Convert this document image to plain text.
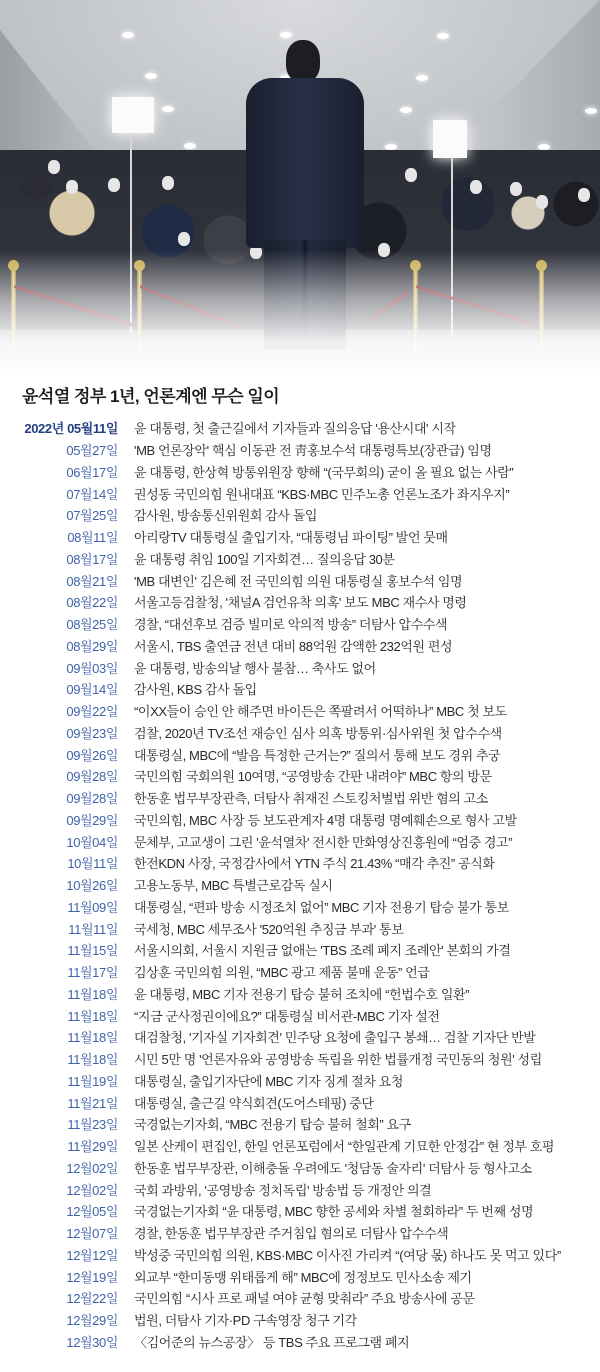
윤석열 정부 1년, 언론계엔 무슨 일이
2022년 05월11일 윤 대통령, 첫 출근길에서 기자들과 질의응답 '용산시대' 시작
05월27일 'MB 언론장악' 핵심 이동관 전 靑홍보수석 대통령특보(장관급) 임명
06월17일 윤 대통령, 한상혁 방통위원장 향해 “(국무회의) 굳이 올 필요 없는 사람”
07월14일 권성동 국민의힘 원내대표 “KBS·MBC 민주노총 언론노조가 좌지우지”
07월25일 감사원, 방송통신위원회 감사 돌입
08월11일 아리랑TV 대통령실 출입기자, “대통령님 파이팅” 발언 뭇매
08월17일 윤 대통령 취임 100일 기자회견… 질의응답 30분
08월21일 'MB 대변인' 김은혜 전 국민의힘 의원 대통령실 홍보수석 임명
08월22일 서울고등검찰청, '채널A 검언유착 의혹' 보도 MBC 재수사 명령
08월25일 경찰, “대선후보 검증 빌미로 악의적 방송” 더탐사 압수수색
08월29일 서울시, TBS 출연금 전년 대비 88억원 감액한 232억원 편성
09월03일 윤 대통령, 방송의날 행사 불참… 축사도 없어
09월14일 감사원, KBS 감사 돌입
09월22일 “이XX들이 승인 안 해주면 바이든은 쪽팔려서 어떡하나” MBC 첫 보도
09월23일 검찰, 2020년 TV조선 재승인 심사 의혹 방통위·심사위원 첫 압수수색
09월26일 대통령실, MBC에 “발음 특정한 근거는?” 질의서 통해 보도 경위 추궁
09월28일 국민의힘 국회의원 10여명, “공영방송 간판 내려야” MBC 항의 방문
09월28일 한동훈 법무부장관측, 더탐사 취재진 스토킹처벌법 위반 혐의 고소
09월29일 국민의힘, MBC 사장 등 보도관계자 4명 대통령 명예훼손으로 형사 고발
10월04일 문체부, 고교생이 그린 '윤석열차' 전시한 만화영상진흥원에 “엄중 경고”
10월11일 한전KDN 사장, 국정감사에서 YTN 주식 21.43% “매각 추진” 공식화
10월26일 고용노동부, MBC 특별근로감독 실시
11월09일 대통령실, “편파 방송 시정조치 없어” MBC 기자 전용기 탑승 불가 통보
11월11일 국세청, MBC 세무조사 '520억원 추징금 부과' 통보
11월15일 서울시의회, 서울시 지원금 없애는 'TBS 조례 폐지 조례안' 본회의 가결
11월17일 김상훈 국민의힘 의원, “MBC 광고 제품 불매 운동” 언급
11월18일 윤 대통령, MBC 기자 전용기 탑승 불허 조치에 “헌법수호 일환”
11월18일 “지금 군사정권이에요?” 대통령실 비서관-MBC 기자 설전
11월18일 대검찰청, '기자실 기자회견' 민주당 요청에 출입구 봉쇄… 검찰 기자단 반발
11월18일 시민 5만 명 '언론자유와 공영방송 독립을 위한 법률개정 국민동의 청원' 성립
11월19일 대통령실, 출입기자단에 MBC 기자 징계 절차 요청
11월21일 대통령실, 출근길 약식회견(도어스테핑) 중단
11월23일 국경없는기자회, “MBC 전용기 탑승 불허 철회” 요구
11월29일 일본 산케이 편집인, 한일 언론포럼에서 “한일관계 기묘한 안정감” 현 정부 호평
12월02일 한동훈 법무부장관, 이해충돌 우려에도 '청담동 술자리' 더탐사 등 형사고소
12월02일 국회 과방위, '공영방송 정치독립' 방송법 등 개정안 의결
12월05일 국경없는기자회 “윤 대통령, MBC 향한 공세와 차별 철회하라” 두 번째 성명
12월07일 경찰, 한동훈 법무부장관 주거침입 혐의로 더탐사 압수수색
12월12일 박성중 국민의힘 의원, KBS·MBC 이사진 가리켜 “(여당 몫) 하나도 못 먹고 있다”
12월19일 외교부 “한미동맹 위태롭게 해” MBC에 정정보도 민사소송 제기
12월22일 국민의힘 “시사 프로 패널 여야 균형 맞춰라” 주요 방송사에 공문
12월29일 법원, 더탐사 기자·PD 구속영장 청구 기각
12월30일 〈김어준의 뉴스공장〉 등 TBS 주요 프로그램 폐지
